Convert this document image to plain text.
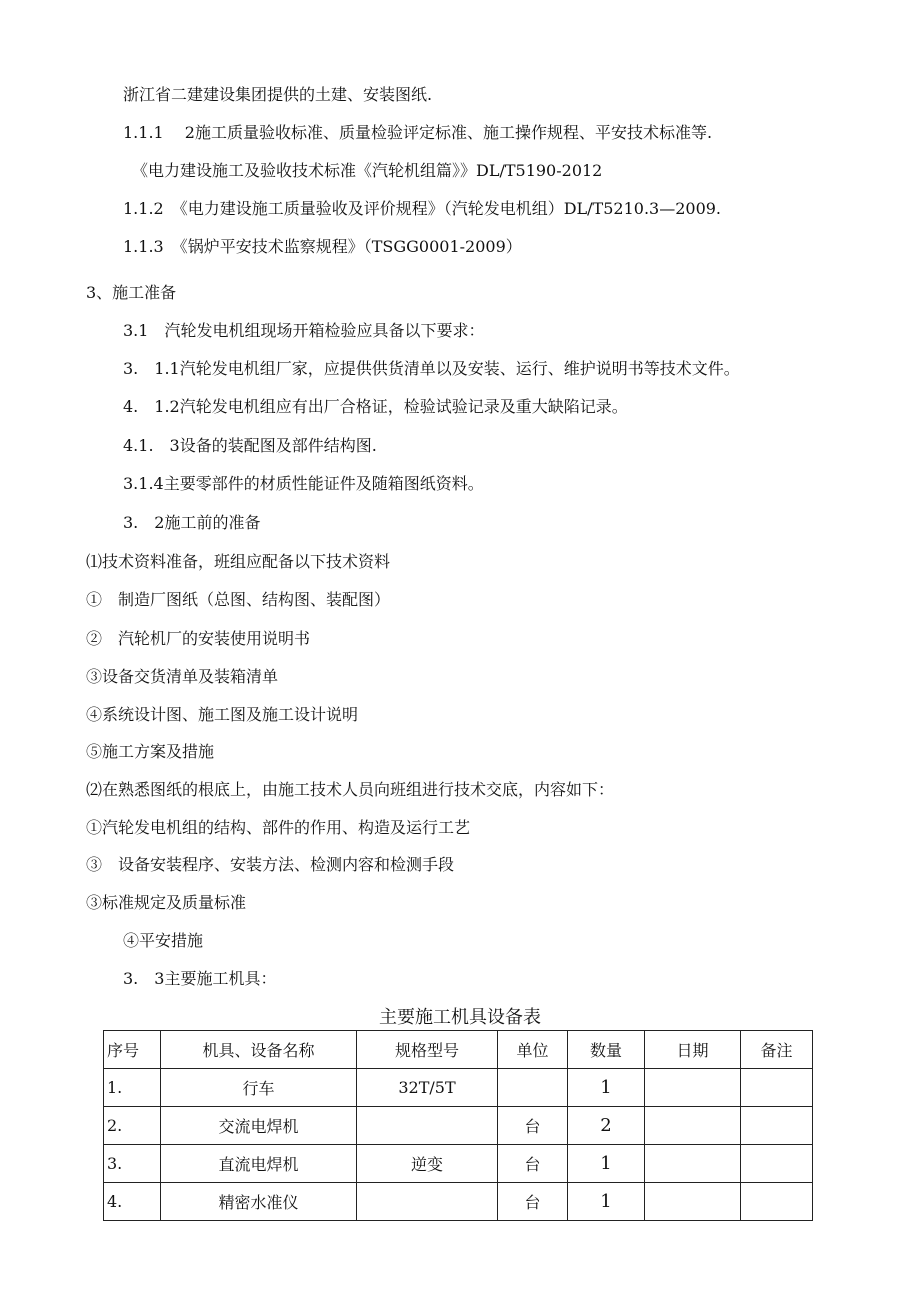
浙江省二建建设集团提供的土建、安装图纸.
1.1.1　 2施工质量验收标准、质量检验评定标准、施工操作规程、平安技术标准等.
《电力建设施工及验收技术标准《汽轮机组篇》》DL/T5190-2012
1.1.2　《电力建设施工质量验收及评价规程》（汽轮发电机组）DL/T5210.3—2009.
1.1.3　《锅炉平安技术监察规程》（TSGG0001-2009）
3、施工准备
3.1　汽轮发电机组现场开箱检验应具备以下要求：
3.　1.1汽轮发电机组厂家，应提供供货清单以及安装、运行、维护说明书等技术文件。
4.　1.2汽轮发电机组应有出厂合格证，检验试验记录及重大缺陷记录。
4.1.　3设备的装配图及部件结构图.
3.1.4主要零部件的材质性能证件及随箱图纸资料。
3.　2施工前的准备
⑴技术资料准备，班组应配备以下技术资料
①　制造厂图纸（总图、结构图、装配图）
②　汽轮机厂的安装使用说明书
③设备交货清单及装箱清单
④系统设计图、施工图及施工设计说明
⑤施工方案及措施
⑵在熟悉图纸的根底上，由施工技术人员向班组进行技术交底，内容如下：
①汽轮发电机组的结构、部件的作用、构造及运行工艺
③　设备安装程序、安装方法、检测内容和检测手段
③标准规定及质量标准
④平安措施
3.　3主要施工机具：
主要施工机具设备表
序号	机具、设备名称	规格型号	单位	数量	日期	备注
1.	行车	32T/5T		1		
2.	交流电焊机		台	2		
3.	直流电焊机	逆变	台	1		
4.	精密水准仪		台	1		
